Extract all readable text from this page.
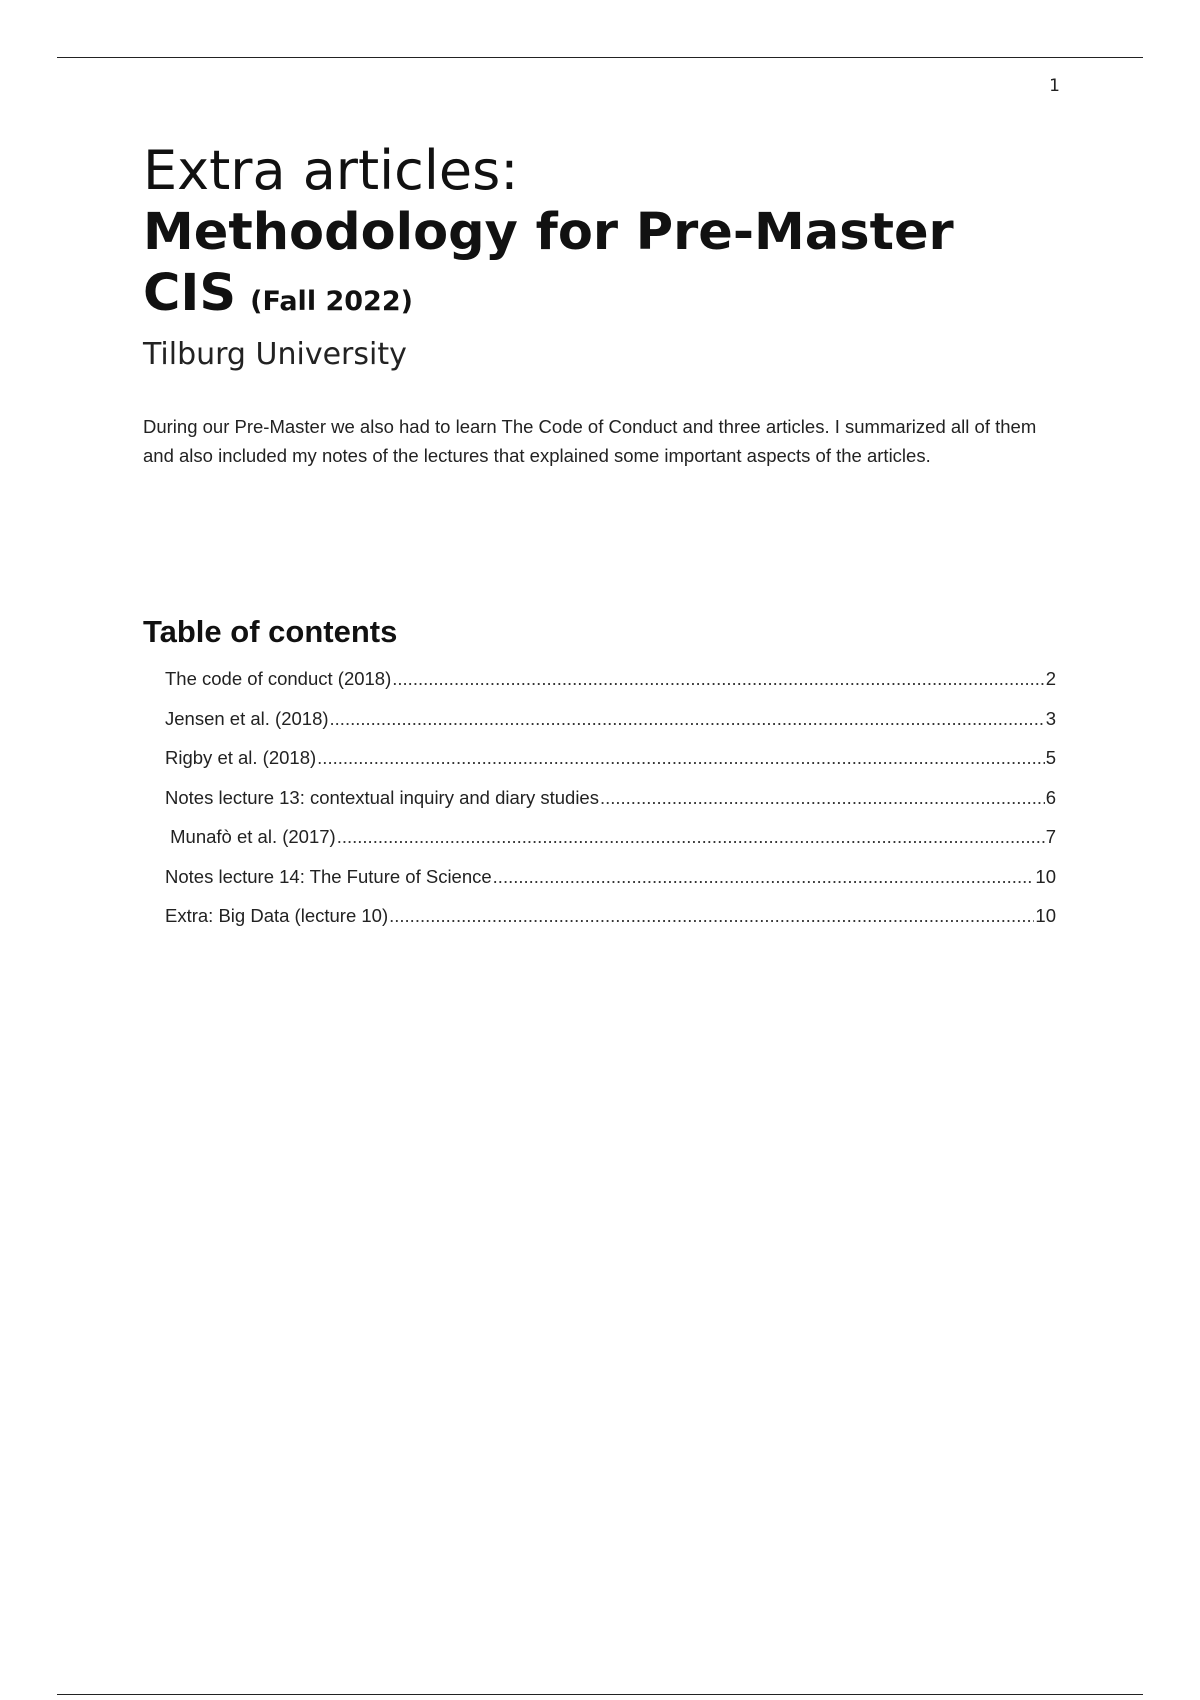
1

Extra articles:

Methodology for Pre-Master

CIS (Fall 2022)

Tilburg University

During our Pre-Master we also had to learn The Code of Conduct and three articles. I summarized all of them and also included my notes of the lectures that explained some important aspects of the articles.

Table of contents
The code of conduct (2018) .....	2
Jensen et al. (2018) .....	3
Rigby et al. (2018) .....	5
Notes lecture 13: contextual inquiry and diary studies .....	6
Munafò et al. (2017) .....	7
Notes lecture 14: The Future of Science .....	10
Extra: Big Data (lecture 10) .....	10
